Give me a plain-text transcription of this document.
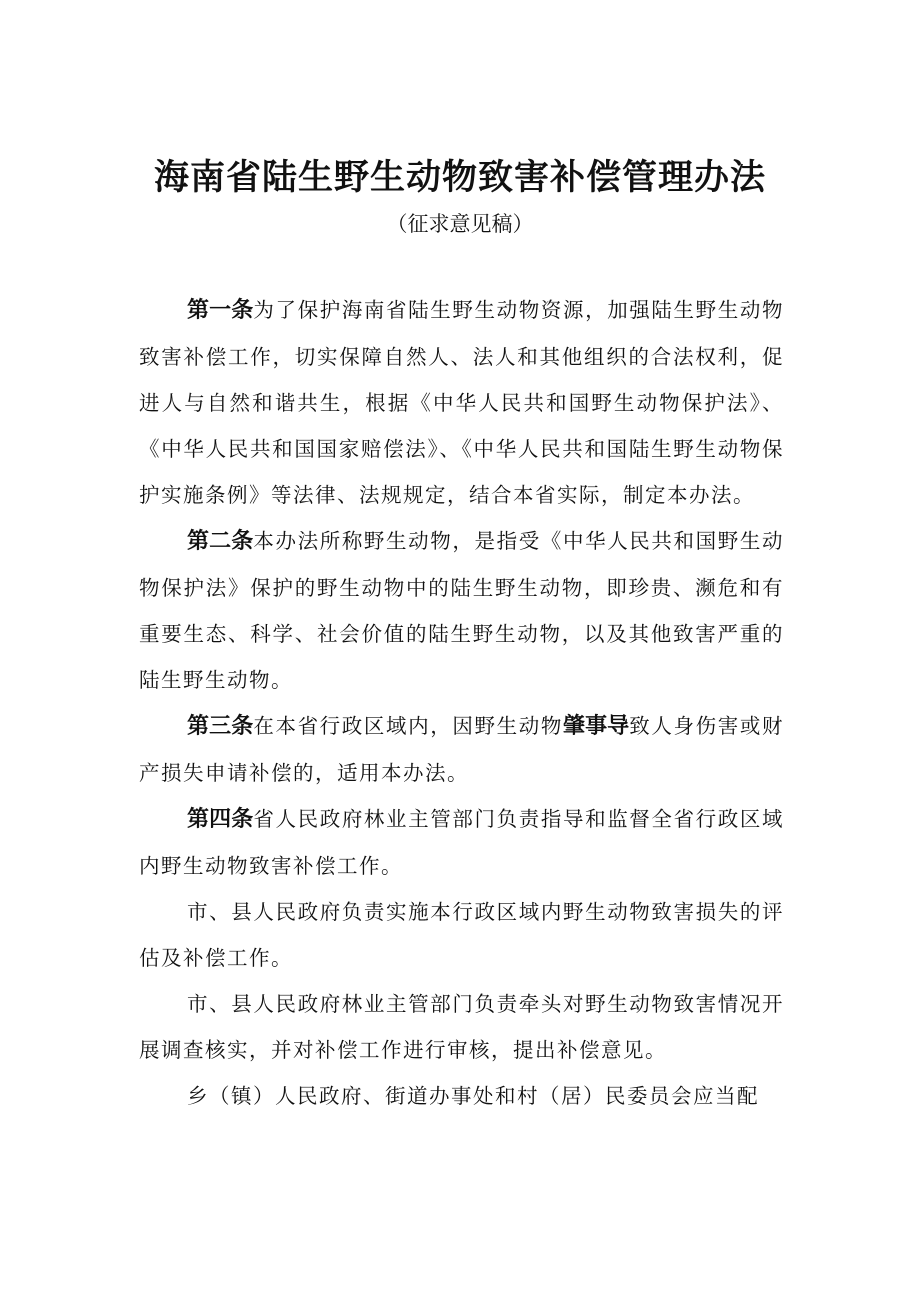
海南省陆生野生动物致害补偿管理办法
（征求意见稿）

第一条为了保护海南省陆生野生动物资源，加强陆生野生动物致害补偿工作，切实保障自然人、法人和其他组织的合法权利，促进人与自然和谐共生，根据《中华人民共和国野生动物保护法》、《中华人民共和国国家赔偿法》、《中华人民共和国陆生野生动物保护实施条例》等法律、法规规定，结合本省实际，制定本办法。

第二条本办法所称野生动物，是指受《中华人民共和国野生动物保护法》保护的野生动物中的陆生野生动物，即珍贵、濒危和有重要生态、科学、社会价值的陆生野生动物，以及其他致害严重的陆生野生动物。

第三条在本省行政区域内，因野生动物肇事导致人身伤害或财产损失申请补偿的，适用本办法。

第四条省人民政府林业主管部门负责指导和监督全省行政区域内野生动物致害补偿工作。

市、县人民政府负责实施本行政区域内野生动物致害损失的评估及补偿工作。

市、县人民政府林业主管部门负责牵头对野生动物致害情况开展调查核实，并对补偿工作进行审核，提出补偿意见。

乡（镇）人民政府、街道办事处和村（居）民委员会应当配
